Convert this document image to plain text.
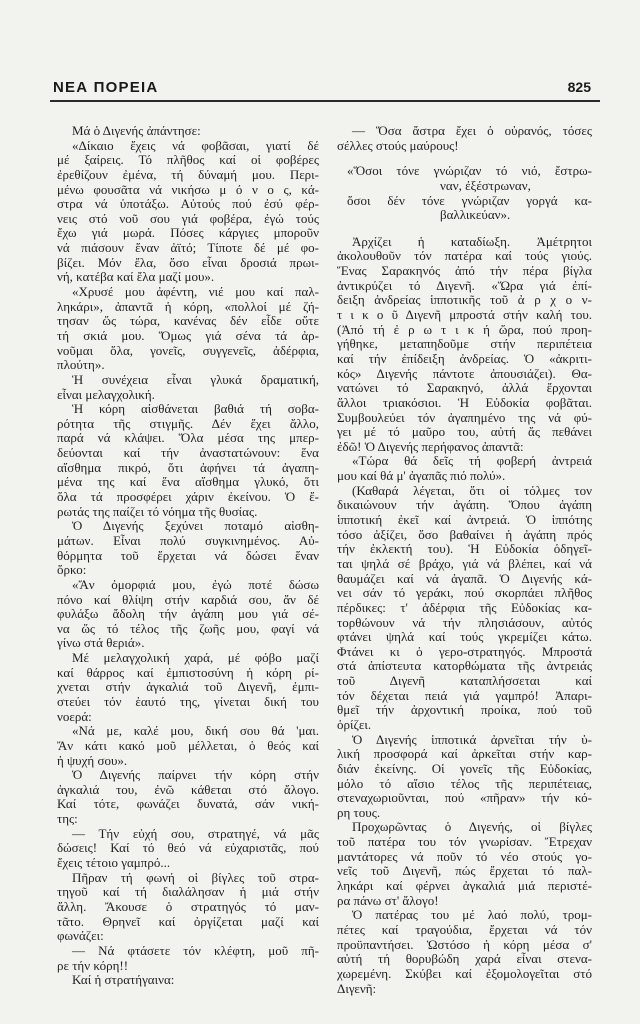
ΝΕΑ ΠΟΡΕΙΑ	825
Μά ὁ Διγενής ἀπάντησε:
«Δίκαιο ἔχεις νά φοβᾶσαι, γιατί δέ
μέ ξαίρεις. Τό πλῆθος καί οἱ φοβέρες
ἐρεθίζουν ἐμένα, τή δύναμή μου. Περι-
μένω φουσᾶτα νά νικήσω μ ό ν ο ς, κά-
στρα νά ὑποτάξω. Αὐτούς πού ἐσύ φέρ-
νεις στό νοῦ σου γιά φοβέρα, ἐγώ τούς
ἔχω γιά μωρά. Πόσες κάργιες μποροῦν
νά πιάσουν ἕναν ἀϊτό; Τίποτε δέ μέ φο-
βίζει. Μόν ἔλα, ὅσο εἶναι δροσιά πρωι-
νή, κατέβα καί ἔλα μαζί μου».
«Χρυσέ μου ἀφέντη, νιέ μου καί παλ-
ληκάρι», ἀπαντᾶ ἡ κόρη, «πολλοί μέ ζή-
τησαν ὥς τώρα, κανένας δέν εἶδε οὔτε
τή σκιά μου. Ὅμως γιά σένα τά ἀρ-
νοῦμαι ὅλα, γονεῖς, συγγενεῖς, ἀδέρφια,
πλούτη».
Ἡ συνέχεια εἶναι γλυκά δραματική,
εἶναι μελαγχολική.
Ἡ κόρη αἰσθάνεται βαθιά τή σοβα-
ρότητα τῆς στιγμῆς. Δέν ἔχει ἄλλο,
παρά νά κλάψει. Ὅλα μέσα της μπερ-
δεύονται καί τήν ἀναστατώνουν: ἕνα
αἴσθημα πικρό, ὅτι ἀφήνει τά ἀγαπη-
μένα της καί ἕνα αἴσθημα γλυκό, ὅτι
ὅλα τά προσφέρει χάριν ἐκείνου. Ὁ ἔ-
ρωτάς της παίζει τό νόημα τῆς θυσίας.
Ὁ Διγενής ξεχύνει ποταμό αἰσθη-
μάτων. Εἶναι πολύ συγκινημένος. Αὐ-
θόρμητα τοῦ ἔρχεται νά δώσει ἕναν
ὅρκο:
«Ἄν ὀμορφιά μου, ἐγώ ποτέ δώσω
πόνο καί θλίψη στήν καρδιά σου, ἄν δέ
φυλάξω ἄδολη τήν ἀγάπη μου γιά σέ-
να ὥς τό τέλος τῆς ζωῆς μου, φαγί νά
γίνω στά θεριά».
Μέ μελαγχολική χαρά, μέ φόβο μαζί
καί θάρρος καί ἐμπιστοσύνη ἡ κόρη ρί-
χνεται στήν ἀγκαλιά τοῦ Διγενῆ, ἐμπι-
στεύει τόν ἑαυτό της, γίνεται δική του
νοερά:
«Νά με, καλέ μου, δική σου θά 'μαι.
Ἄν κάτι κακό μοῦ μέλλεται, ὁ θεός καί
ἡ ψυχή σου».
Ὁ Διγενής παίρνει τήν κόρη στήν
ἀγκαλιά του, ἐνῶ κάθεται στό ἄλογο.
Καί τότε, φωνάζει δυνατά, σάν νική-
της:
— Τήν εὐχή σου, στρατηγέ, νά μᾶς
δώσεις! Καί τό θεό νά εὐχαριστᾶς, πού
ἔχεις τέτοιο γαμπρό...
Πῆραν τή φωνή οἱ βίγλες τοῦ στρα-
τηγοῦ καί τή διαλάλησαν ἡ μιά στήν
ἄλλη. Ἄκουσε ὁ στρατηγός τό μαν-
τᾶτο. Θρηνεῖ καί ὀργίζεται μαζί καί
φωνάζει:
— Νά φτάσετε τόν κλέφτη, μοῦ πῆ-
ρε τήν κόρη!!
Καί ἡ στρατήγαινα:
— Ὅσα ἄστρα ἔχει ὁ οὐρανός, τόσες
σέλλες στούς μαύρους!
«Ὅσοι τόνε γνώριζαν τό νιό, ἔστρω-
ναν, ἐξέστρωναν,
ὅσοι δέν τόνε γνώριζαν γοργά κα-
βαλλικεύαν».
Ἀρχίζει ἡ καταδίωξη. Ἀμέτρητοι
ἀκολουθοῦν τόν πατέρα καί τούς γιούς.
Ἕνας Σαρακηνός ἀπό τήν πέρα βίγλα
ἀντικρύζει τό Διγενῆ. «Ὥρα γιά ἐπί-
δειξη ἀνδρείας ἱπποτικῆς τοῦ ἀ ρ χ ο ν-
τ ι κ ο ῦ Διγενῆ μπροστά στήν καλή του.
(Ἀπό τή ἐ ρ ω τ ι κ ή ὥρα, πού προη-
γήθηκε, μεταπηδοῦμε στήν περιπέτεια
καί τήν ἐπίδειξη ἀνδρείας. Ὁ «ἀκριτι-
κός» Διγενής πάντοτε ἀπουσιάζει). Θα-
νατώνει τό Σαρακηνό, ἀλλά ἔρχονται
ἄλλοι τριακόσιοι. Ἡ Εὐδοκία φοβᾶται.
Συμβουλεύει τόν ἀγαπημένο της νά φύ-
γει μέ τό μαῦρο του, αὐτή ἄς πεθάνει
ἐδῶ! Ὁ Διγενής περήφανος ἀπαντᾶ:
«Τώρα θά δεῖς τή φοβερή ἀντρειά
μου καί θά μ' ἀγαπᾶς πιό πολύ».
(Καθαρά λέγεται, ὅτι οἱ τόλμες τον
δικαιώνουν τήν ἀγάπη. Ὅπου ἀγάπη
ἱπποτική ἐκεῖ καί ἀντρειά. Ὁ ἱππότης
τόσο ἀξίζει, ὅσο βαθαίνει ἡ ἀγάπη πρός
τήν ἐκλεκτή του). Ἡ Εὐδοκία ὁδηγεῖ-
ται ψηλά σέ βράχο, γιά νά βλέπει, καί νά
θαυμάζει καί νά ἀγαπᾶ. Ὁ Διγενής κά-
νει σάν τό γεράκι, πού σκορπάει πλῆθος
πέρδικες: τ' ἀδέρφια τῆς Εὐδοκίας κα-
τορθώνουν νά τήν πλησιάσουν, αὐτός
φτάνει ψηλά καί τούς γκρεμίζει κάτω.
Φτάνει κι ὁ γερο-στρατηγός. Μπροστά
στά ἀπίστευτα κατορθώματα τῆς ἀντρειάς
τοῦ Διγενῆ καταπλήσσεται καί
τόν δέχεται πειά γιά γαμπρό! Ἀπαρι-
θμεῖ τήν ἀρχοντική προίκα, πού τοῦ
ὁρίζει.
Ὁ Διγενής ἱπποτικά ἀρνεῖται τήν ὑ-
λική προσφορά καί ἀρκεῖται στήν καρ-
διάν ἐκείνης. Οἱ γονεῖς τῆς Εὐδοκίας,
μόλο τό αἴσιο τέλος τῆς περιπέτειας,
στεναχωριοῦνται, πού «πῆραν» τήν κό-
ρη τους.
Προχωρῶντας ὁ Διγενής, οἱ βίγλες
τοῦ πατέρα του τόν γνωρίσαν. Ἔτρεχαν
μαντάτορες νά ποῦν τό νέο στούς γο-
νεῖς τοῦ Διγενῆ, πώς ἔρχεται τό παλ-
ληκάρι καί φέρνει ἀγκαλιά μιά περιστέ-
ρα πάνω στ' ἄλογο!
Ὁ πατέρας του μέ λαό πολύ, τρομ-
πέτες καί τραγούδια, ἔρχεται νά τόν
προϋπαντήσει. Ὡστόσο ἡ κόρη μέσα σ'
αὐτή τή θορυβώδη χαρά εἶναι στενα-
χωρεμένη. Σκύβει καί ἐξομολογεῖται στό
Διγενῆ:
